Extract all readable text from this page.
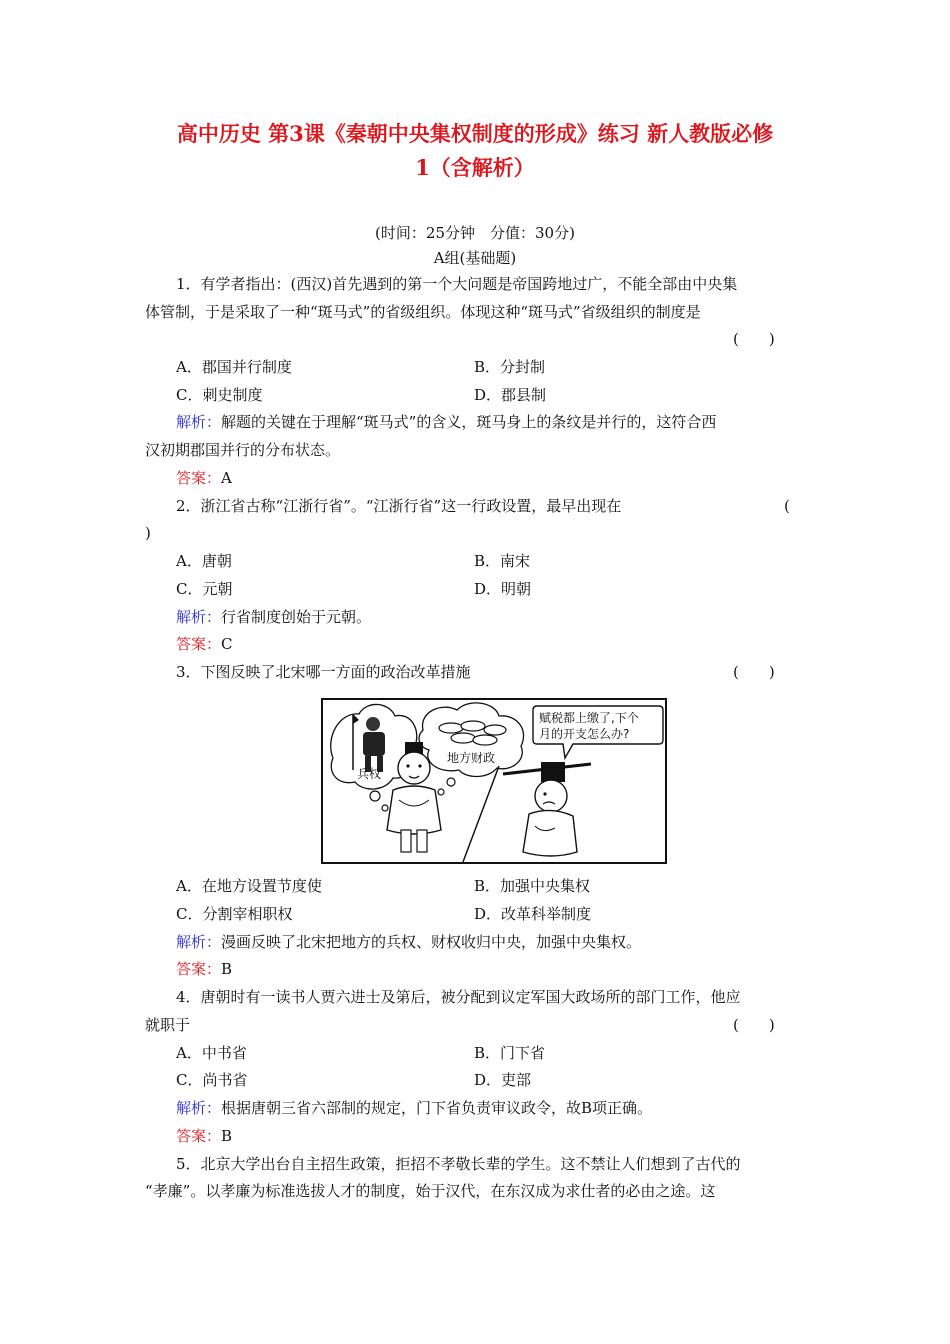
高中历史 第3课《秦朝中央集权制度的形成》练习 新人教版必修
1（含解析）
(时间：25分钟　分值：30分)
A组(基础题)
1．有学者指出：(西汉)首先遇到的第一个大问题是帝国跨地过广，不能全部由中央集
体管制，于是采取了一种“斑马式”的省级组织。体现这种“斑马式”省级组织的制度是
(　　)
A．郡国并行制度	B．分封制
C．刺史制度	D．郡县制
解析：解题的关键在于理解“斑马式”的含义，斑马身上的条纹是并行的，这符合西
汉初期郡国并行的分布状态。
答案：A
2．浙江省古称“江浙行省”。“江浙行省”这一行政设置，最早出现在	(
)
A．唐朝	B．南宋
C．元朝	D．明朝
解析：行省制度创始于元朝。
答案：C
3．下图反映了北宋哪一方面的政治改革措施	(　　)
兵权
地方财政
赋税都上缴了,下个
月的开支怎么办?
A．在地方设置节度使	B．加强中央集权
C．分割宰相职权	D．改革科举制度
解析：漫画反映了北宋把地方的兵权、财权收归中央，加强中央集权。
答案：B
4．唐朝时有一读书人贾六进士及第后，被分配到议定军国大政场所的部门工作，他应
就职于	(　　)
A．中书省	B．门下省
C．尚书省	D．吏部
解析：根据唐朝三省六部制的规定，门下省负责审议政令，故B项正确。
答案：B
5．北京大学出台自主招生政策，拒招不孝敬长辈的学生。这不禁让人们想到了古代的
“孝廉”。以孝廉为标准选拔人才的制度，始于汉代，在东汉成为求仕者的必由之途。这
